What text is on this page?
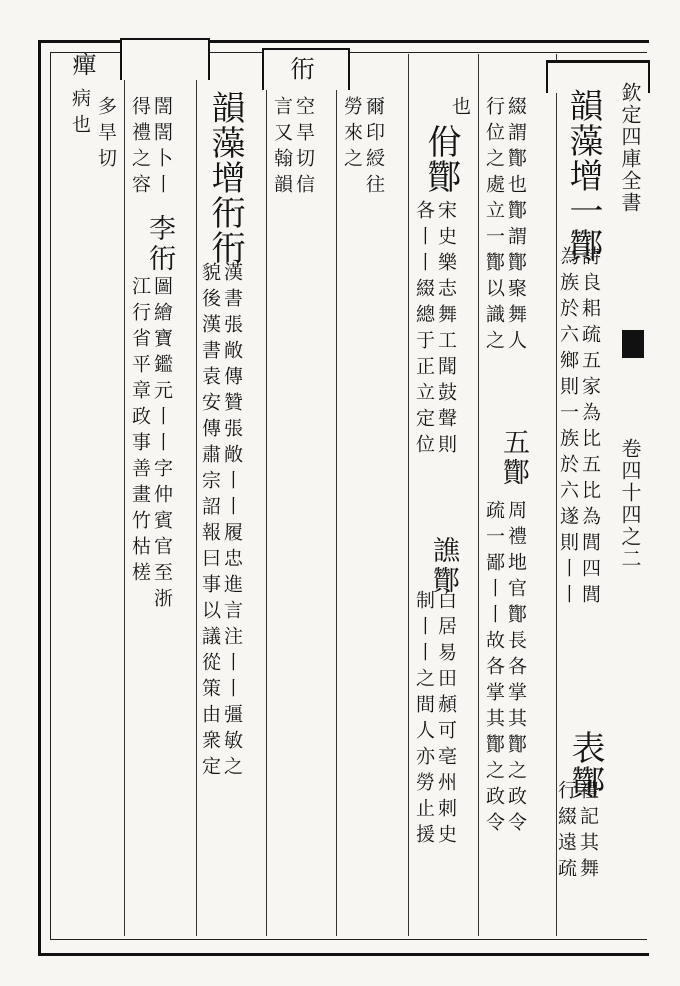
欽定四庫全書
卷四十四之二
韻藻增一酇
詩良耜疏五家為比五比為閭四閭
為族於六鄉則一族於六遂則丨丨
表酇
禮記其舞
行綴遠疏
綴謂酇也酇謂酇聚舞人
行位之處立一酇以識之
五酇
周禮地官酇長各掌其酇之政令
疏一鄙丨丨故各掌其酇之政令
也
佾酇
宋史樂志舞工聞鼓聲則
各丨丨綴總于正立定位
譙酇
白居易田頳可亳州刺史
制丨丨之間人亦勞止援
爾印綬往
勞來之
衎
空旱切信
言又翰韻
韻藻增衎衎
漢書張敞傳贊張敞丨丨履忠進言注丨丨彊敏之
貌後漢書袁安傳肅宗詔報曰事以議從策由衆定
誾誾卜丨
得禮之容
李衎
圖繪寶鑑元丨丨字仲賓官至浙
江行省平章政事善畫竹枯槎
癉
多旱切
病也
